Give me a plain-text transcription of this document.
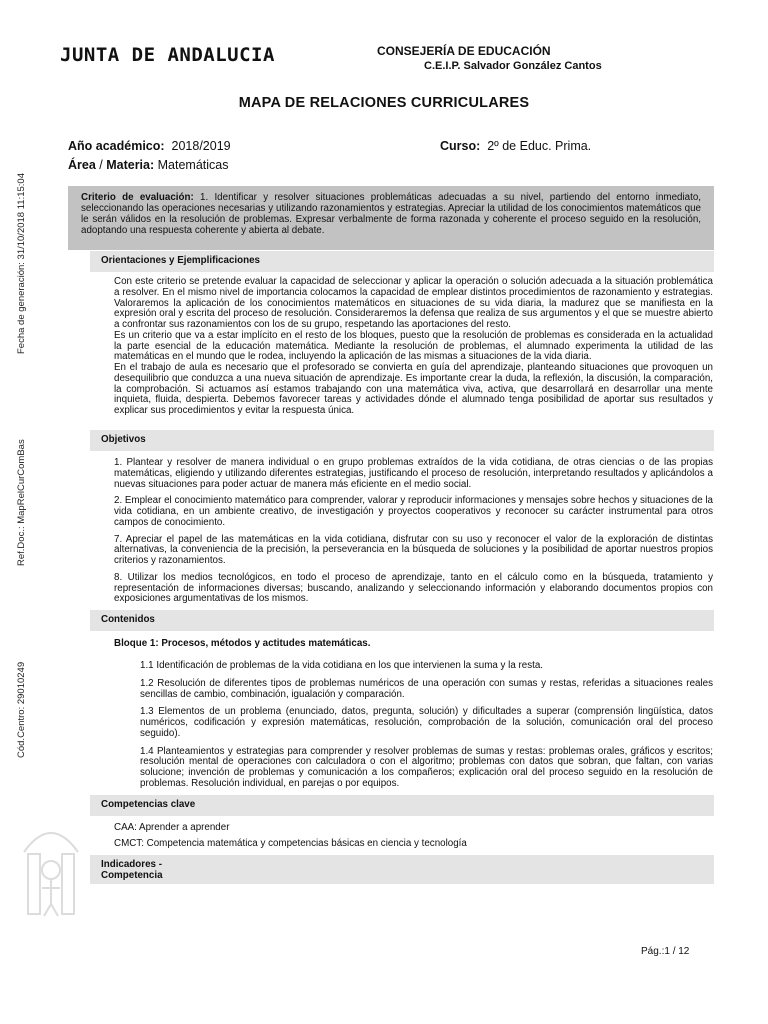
JUNTA DE ANDALUCIA	CONSEJERÍA DE EDUCACIÓN
C.E.I.P. Salvador González Cantos
MAPA DE RELACIONES CURRICULARES
Año académico: 2018/2019	Curso: 2º de Educ. Prima.
Área / Materia: Matemáticas
Fecha de generación: 31/10/2018 11:15:04
Ref.Doc.: MapRelCurComBas
Cód.Centro: 29010249
Criterio de evaluación: 1. Identificar y resolver situaciones problemáticas adecuadas a su nivel, partiendo del entorno inmediato, seleccionando las operaciones necesarias y utilizando razonamientos y estrategias. Apreciar la utilidad de los conocimientos matemáticos que le serán válidos en la resolución de problemas. Expresar verbalmente de forma razonada y coherente el proceso seguido en la resolución, adoptando una respuesta coherente y abierta al debate.
Orientaciones y Ejemplificaciones

Con este criterio se pretende evaluar la capacidad de seleccionar y aplicar la operación o solución adecuada a la situación problemática a resolver. En el mismo nivel de importancia colocamos la capacidad de emplear distintos procedimientos de razonamiento y estrategias. Valoraremos la aplicación de los conocimientos matemáticos en situaciones de su vida diaria, la madurez que se manifiesta en la expresión oral y escrita del proceso de resolución. Consideraremos la defensa que realiza de sus argumentos y el que se muestre abierto a confrontar sus razonamientos con los de su grupo, respetando las aportaciones del resto.

Es un criterio que va a estar implícito en el resto de los bloques, puesto que la resolución de problemas es considerada en la actualidad la parte esencial de la educación matemática. Mediante la resolución de problemas, el alumnado experimenta la utilidad de las matemáticas en el mundo que le rodea, incluyendo la aplicación de las mismas a situaciones de la vida diaria.

En el trabajo de aula es necesario que el profesorado se convierta en guía del aprendizaje, planteando situaciones que provoquen un desequilibrio que conduzca a una nueva situación de aprendizaje. Es importante crear la duda, la reflexión, la discusión, la comparación, la comprobación. Si actuamos así estamos trabajando con una matemática viva, activa, que desarrollará en desarrollar una mente inquieta, fluida, despierta. Debemos favorecer tareas y actividades dónde el alumnado tenga posibilidad de aportar sus resultados y explicar sus procedimientos y evitar la respuesta única.

Objetivos

1. Plantear y resolver de manera individual o en grupo problemas extraídos de la vida cotidiana, de otras ciencias o de las propias matemáticas, eligiendo y utilizando diferentes estrategias, justificando el proceso de resolución, interpretando resultados y aplicándolos a nuevas situaciones para poder actuar de manera más eficiente en el medio social.

2. Emplear el conocimiento matemático para comprender, valorar y reproducir informaciones y mensajes sobre hechos y situaciones de la vida cotidiana, en un ambiente creativo, de investigación y proyectos cooperativos y reconocer su carácter instrumental para otros campos de conocimiento.

7. Apreciar el papel de las matemáticas en la vida cotidiana, disfrutar con su uso y reconocer el valor de la exploración de distintas alternativas, la conveniencia de la precisión, la perseverancia en la búsqueda de soluciones y la posibilidad de aportar nuestros propios criterios y razonamientos.

8. Utilizar los medios tecnológicos, en todo el proceso de aprendizaje, tanto en el cálculo como en la búsqueda, tratamiento y representación de informaciones diversas; buscando, analizando y seleccionando información y elaborando documentos propios con exposiciones argumentativas de los mismos.

Contenidos
Bloque 1: Procesos, métodos y actitudes matemáticas.

1.1 Identificación de problemas de la vida cotidiana en los que intervienen la suma y la resta.

1.2 Resolución de diferentes tipos de problemas numéricos de una operación con sumas y restas, referidas a situaciones reales sencillas de cambio, combinación, igualación y comparación.

1.3 Elementos de un problema (enunciado, datos, pregunta, solución) y dificultades a superar (comprensión lingüística, datos numéricos, codificación y expresión matemáticas, resolución, comprobación de la solución, comunicación oral del proceso seguido).

1.4 Planteamientos y estrategias para comprender y resolver problemas de sumas y restas: problemas orales, gráficos y escritos; resolución mental de operaciones con calculadora o con el algoritmo; problemas con datos que sobran, que faltan, con varias solucione; invención de problemas y comunicación a los compañeros; explicación oral del proceso seguido en la resolución de problemas. Resolución individual, en parejas o por equipos.

Competencias clave
CAA: Aprender a aprender
CMCT: Competencia matemática y competencias básicas en ciencia y tecnología
Indicadores -
Competencia
Pág.:1 / 12
